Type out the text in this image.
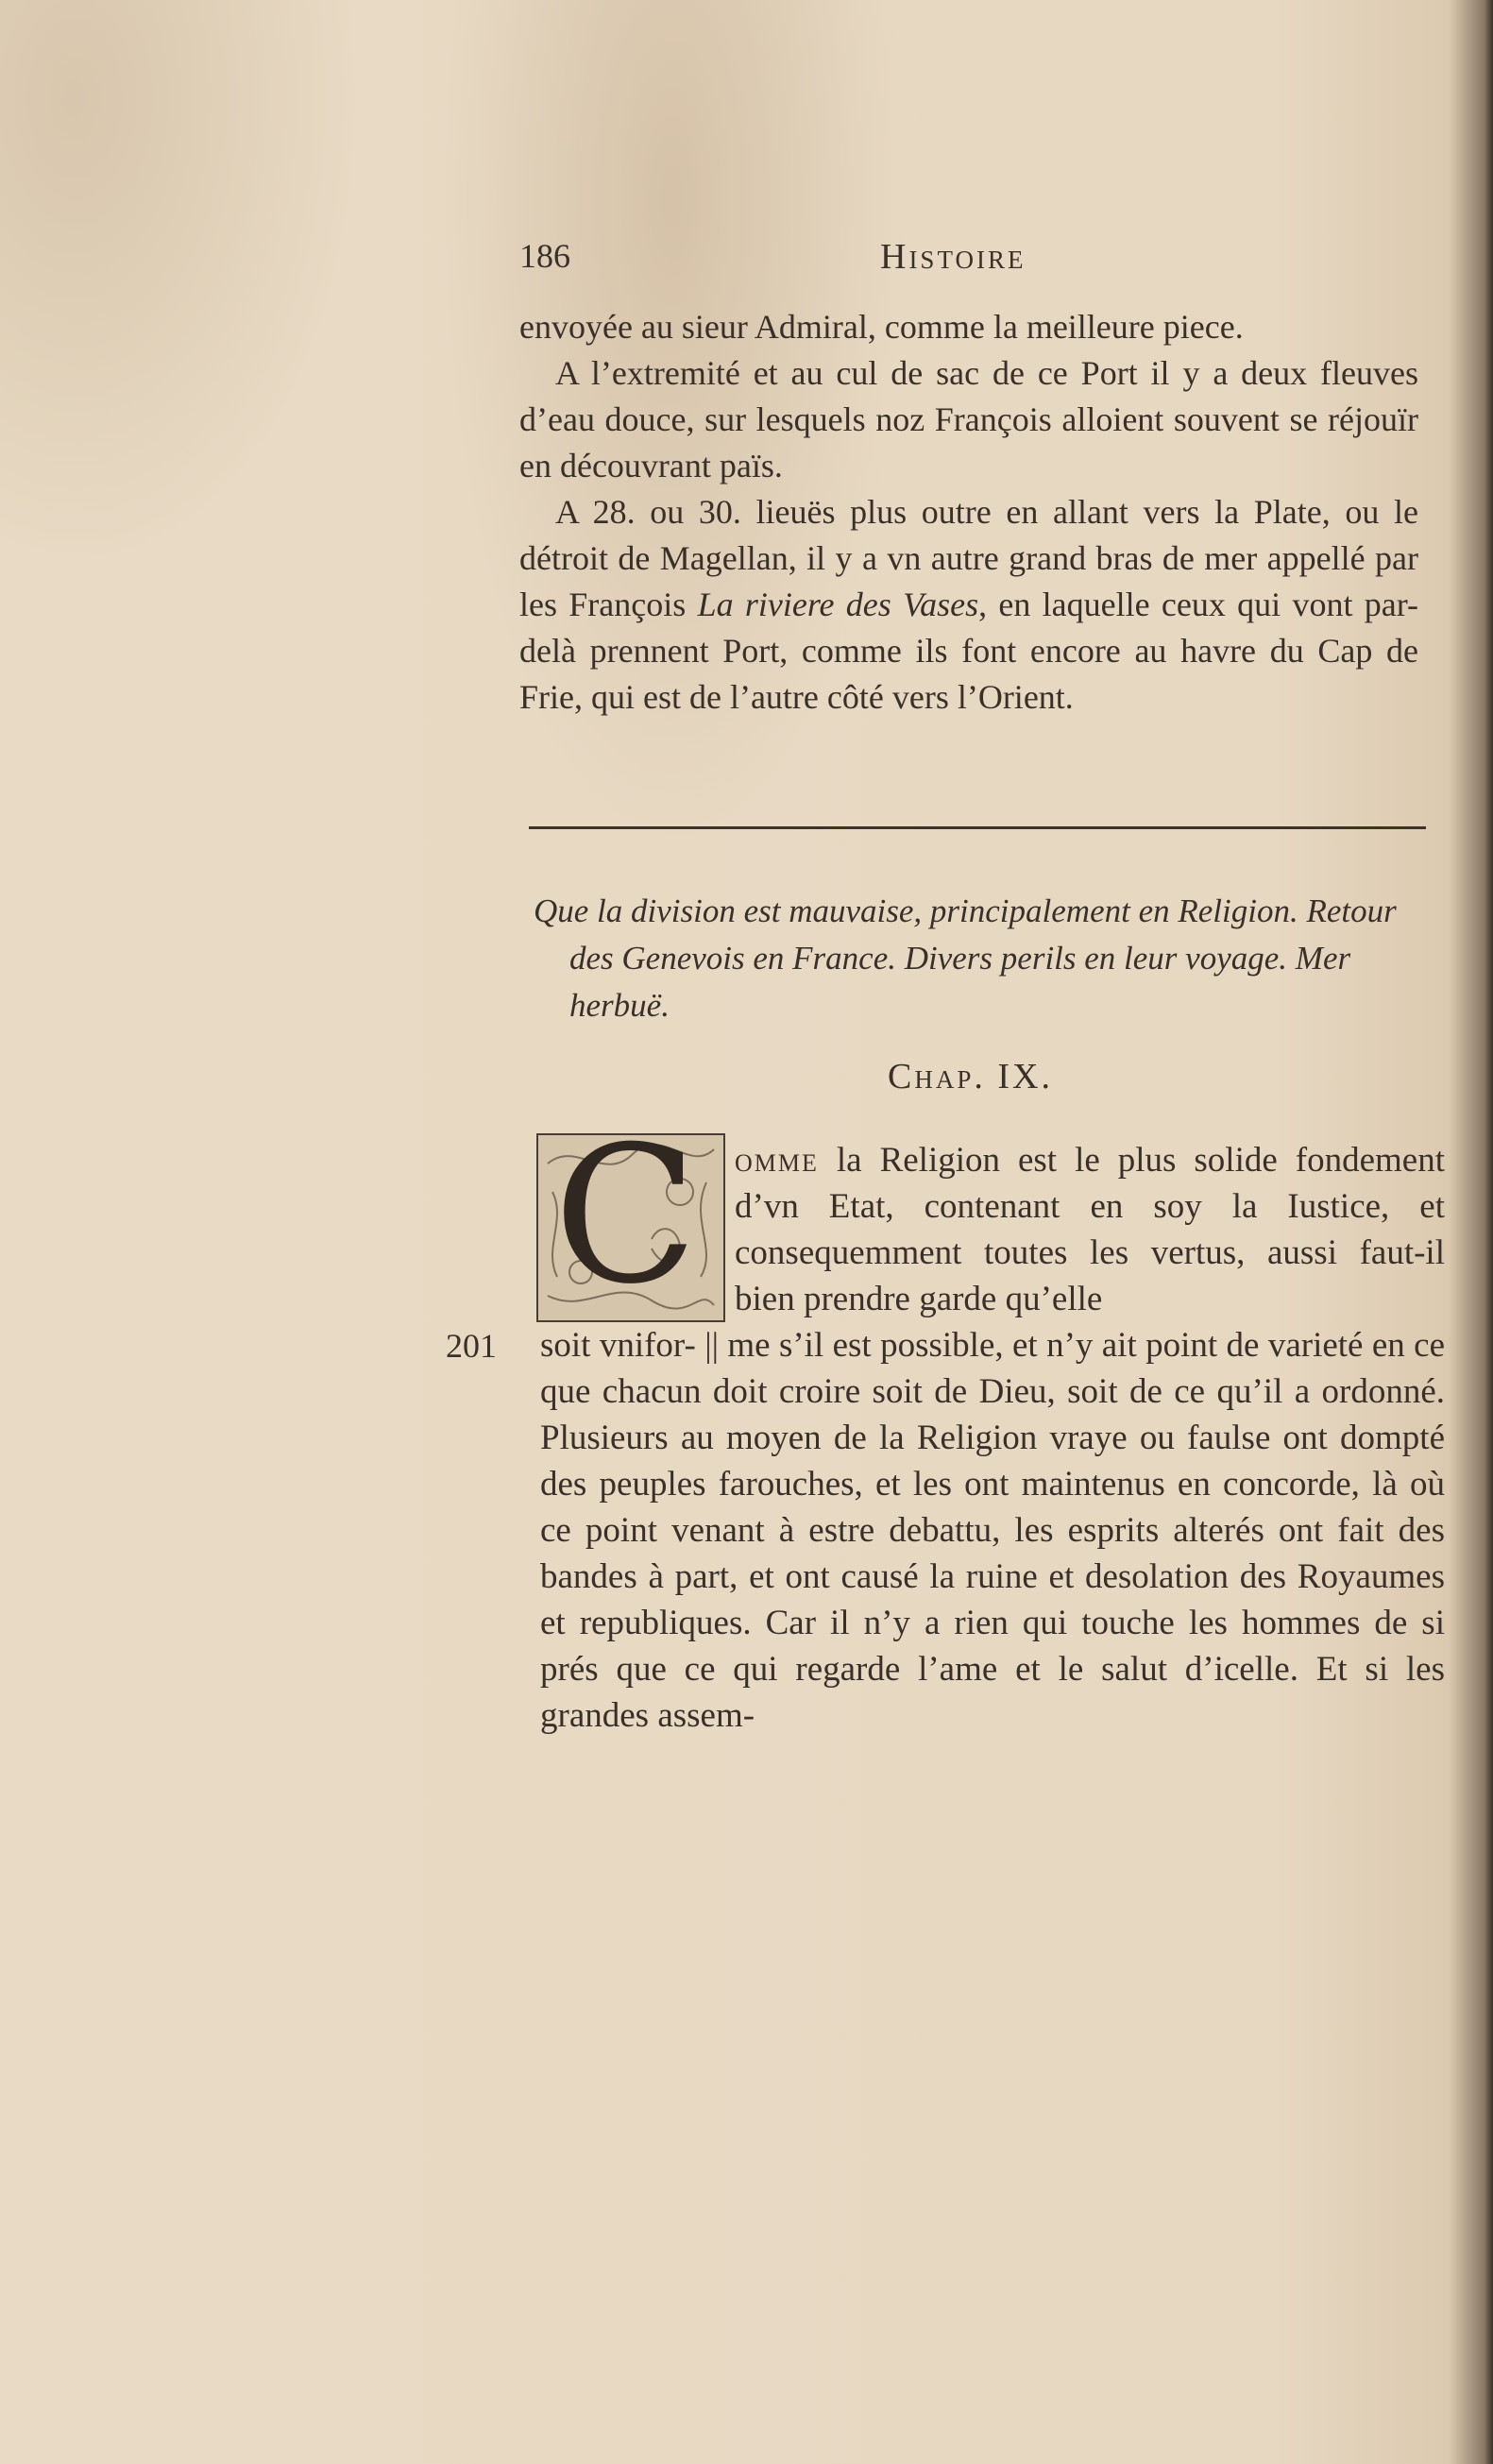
186	Histoire

envoyée au sieur Admiral, comme la meilleure piece.

A l’extremité et au cul de sac de ce Port il y a deux fleuves d’eau douce, sur lesquels noz François alloient souvent se réjouïr en découvrant païs.

A 28. ou 30. lieuës plus outre en allant vers la Plate, ou le détroit de Magellan, il y a vn autre grand bras de mer appellé par les François La riviere des Vases, en laquelle ceux qui vont par-delà prennent Port, comme ils font encore au havre du Cap de Frie, qui est de l’autre côté vers l’Orient.

Que la division est mauvaise, principalement en Religion. Retour des Genevois en France. Divers perils en leur voyage. Mer herbuë.

Chap. IX.
C omme la Religion est le plus solide fondement d’vn Etat, contenant en soy la Iustice, et consequemment toutes les vertus, aussi faut-il bien prendre garde qu’elle

201 soit vnifor- || me s’il est possible, et n’y ait point de varieté en ce que chacun doit croire soit de Dieu, soit de ce qu’il a ordonné. Plusieurs au moyen de la Religion vraye ou faulse ont dompté des peuples farouches, et les ont maintenus en concorde, là où ce point venant à estre debattu, les esprits alterés ont fait des bandes à part, et ont causé la ruine et desolation des Royaumes et republiques. Car il n’y a rien qui touche les hommes de si prés que ce qui regarde l’ame et le salut d’icelle. Et si les grandes assem-
